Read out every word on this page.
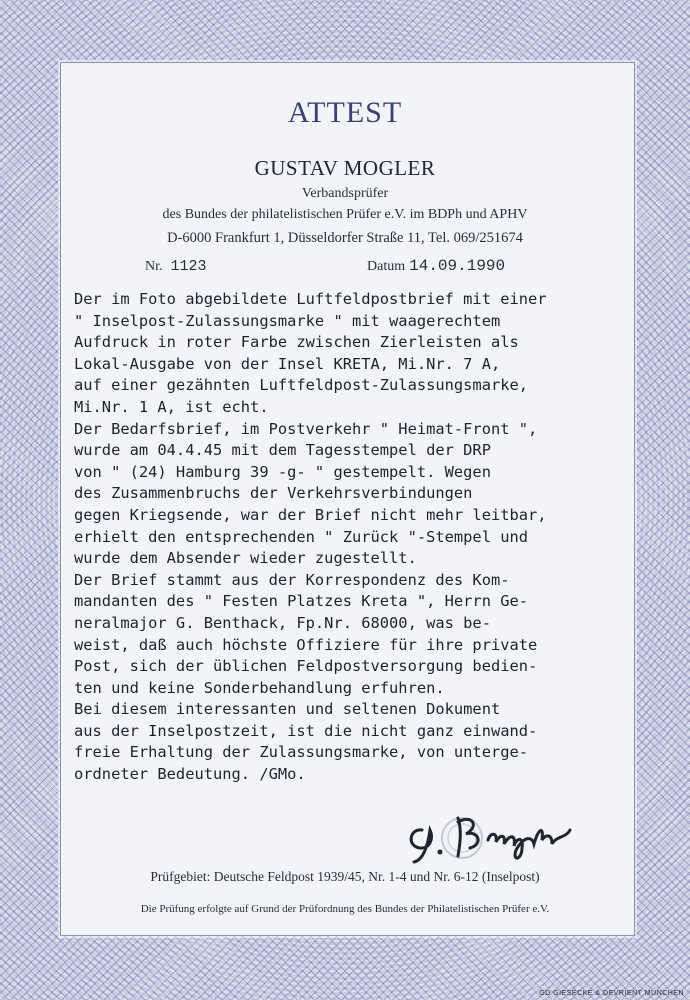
ATTEST
GUSTAV MOGLER
Verbandsprüfer
des Bundes der philatelistischen Prüfer e.V. im BDPh und APHV
D-6000 Frankfurt 1, Düsseldorfer Straße 11, Tel. 069/251674
Nr. 1123	Datum 14.09.1990
Der im Foto abgebildete Luftfeldpostbrief mit einer
" Inselpost-Zulassungsmarke " mit waagerechtem
Aufdruck in roter Farbe zwischen Zierleisten als
Lokal-Ausgabe von der Insel KRETA, Mi.Nr. 7 A,
auf einer gezähnten Luftfeldpost-Zulassungsmarke,
Mi.Nr. 1 A, ist echt.
Der Bedarfsbrief, im Postverkehr " Heimat-Front ",
wurde am 04.4.45 mit dem Tagesstempel der DRP
von " (24) Hamburg 39 -g- " gestempelt. Wegen
des Zusammenbruchs der Verkehrsverbindungen
gegen Kriegsende, war der Brief nicht mehr leitbar,
erhielt den entsprechenden " Zurück "-Stempel und
wurde dem Absender wieder zugestellt.
Der Brief stammt aus der Korrespondenz des Kom-
mandanten des " Festen Platzes Kreta ", Herrn Ge-
neralmajor G. Benthack, Fp.Nr. 68000, was be-
weist, daß auch höchste Offiziere für ihre private
Post, sich der üblichen Feldpostversorgung bedien-
ten und keine Sonderbehandlung erfuhren.
Bei diesem interessanten und seltenen Dokument
aus der Inselpostzeit, ist die nicht ganz einwand-
freie Erhaltung der Zulassungsmarke, von unterge-
ordneter Bedeutung. /GMo.
Prüfgebiet: Deutsche Feldpost 1939/45, Nr. 1-4 und Nr. 6-12 (Inselpost)
Die Prüfung erfolgte auf Grund der Prüfordnung des Bundes der Philatelistischen Prüfer e.V.
GD GIESECKE & DEVRIENT MÜNCHEN
